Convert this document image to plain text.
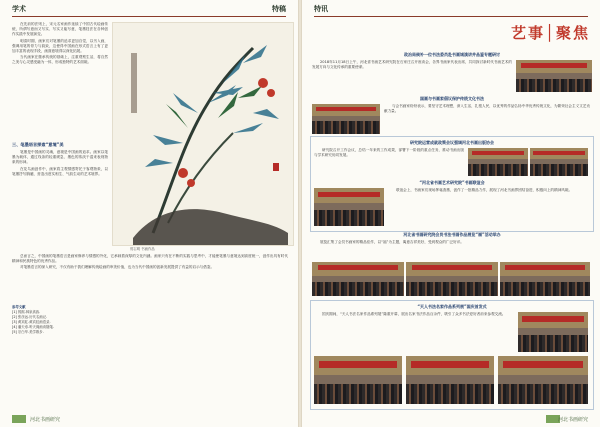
学术	特稿

在先前的法则上，宋元名家画作延续了中国古代绘画传统，所谓写意而又写实、写实又能写意，笔墨技法在各种创作实践中发展演变。

明清时期，画家们对笔墨的追求更加自觉，以书入画，强调用笔的骨力与韵致，这使得中国画在形式语言上有了更加丰富的表现手段，画面意境得以深化拓展。

当代画家在继承传统的基础上，注重观察生活，将自然之美与心灵感受融为一体，形成独特的艺术面貌。

三、笔墨语言探索“意境”美

笔墨是中国画的灵魂，意境是中国画的追求。画家以笔墨为载体，通过线条的轻重缓急、墨色的浓淡干湿来表现物象的形神。

在花鸟画创作中，画家将主观情感寄托于客观物象，以笔墨抒写胸臆，营造出虚实相生、气韵生动的艺术境界。

郭召明 书画作品

总而言之，中国画的笔墨语言是画家修养与情感的外化，它承载着深厚的文化内涵。画家只有在不断的实践与思考中，才能使笔墨与意境达到高度统一，创作出具有时代精神和民族特色的优秀作品。

对笔墨语言的深入研究，不仅有助于我们理解传统绘画的审美价值，也为当代中国画的创新发展提供了有益的启示与借鉴。

参考文献
[1] 郭熙.林泉高致.
[2] 张彦远.历代名画记.
[3] 黄宾虹.黄宾虹画语录.
[4] 潘天寿.听天阁画谈随笔.
[5] 宗白华.美学散步.
河北书画研究
特讯
艺事│聚焦
政治局候补一位书法委员赴书画城演讲并品鉴专题研讨

2018年11月18日上午，河北省书画艺术研究院在石家庄召开座谈会，各界书画家代表出席，共同探讨新时代书画艺术的发展方向与文化传承的重要使命。

国画与书画家倡议保护传统文化书法

与会书画家纷纷表示，要坚守艺术理想，深入生活，扎根人民，以优秀的作品弘扬中华优秀传统文化，为繁荣社会主义文艺贡献力量。

研究院运营成就政策会议强调河北书画出版协会

研究院召开工作会议，总结一年来的工作成果，部署下一阶段的重点任务，推动书画出版与学术研究协同发展。

“河北省书画艺术研究院”书画联谊会

联谊会上，书画家们现场挥毫泼墨，创作了一批精品力作，展现了河北书画界团结奋进、积极向上的精神风貌。

河北省书画研究院会员书法书画作品展览“福”活动举办

展览汇集了会员书画家的精品佳作，以“福”为主题，寓意吉祥美好，受到观众的广泛好评。

“天人书法名家作品系列展”国庆首发式

国庆期间，“天人书法名家作品系列展”隆重开幕，展出名家书法作品百余件，吸引了众多书法爱好者前来参观交流。

河北书画研究
